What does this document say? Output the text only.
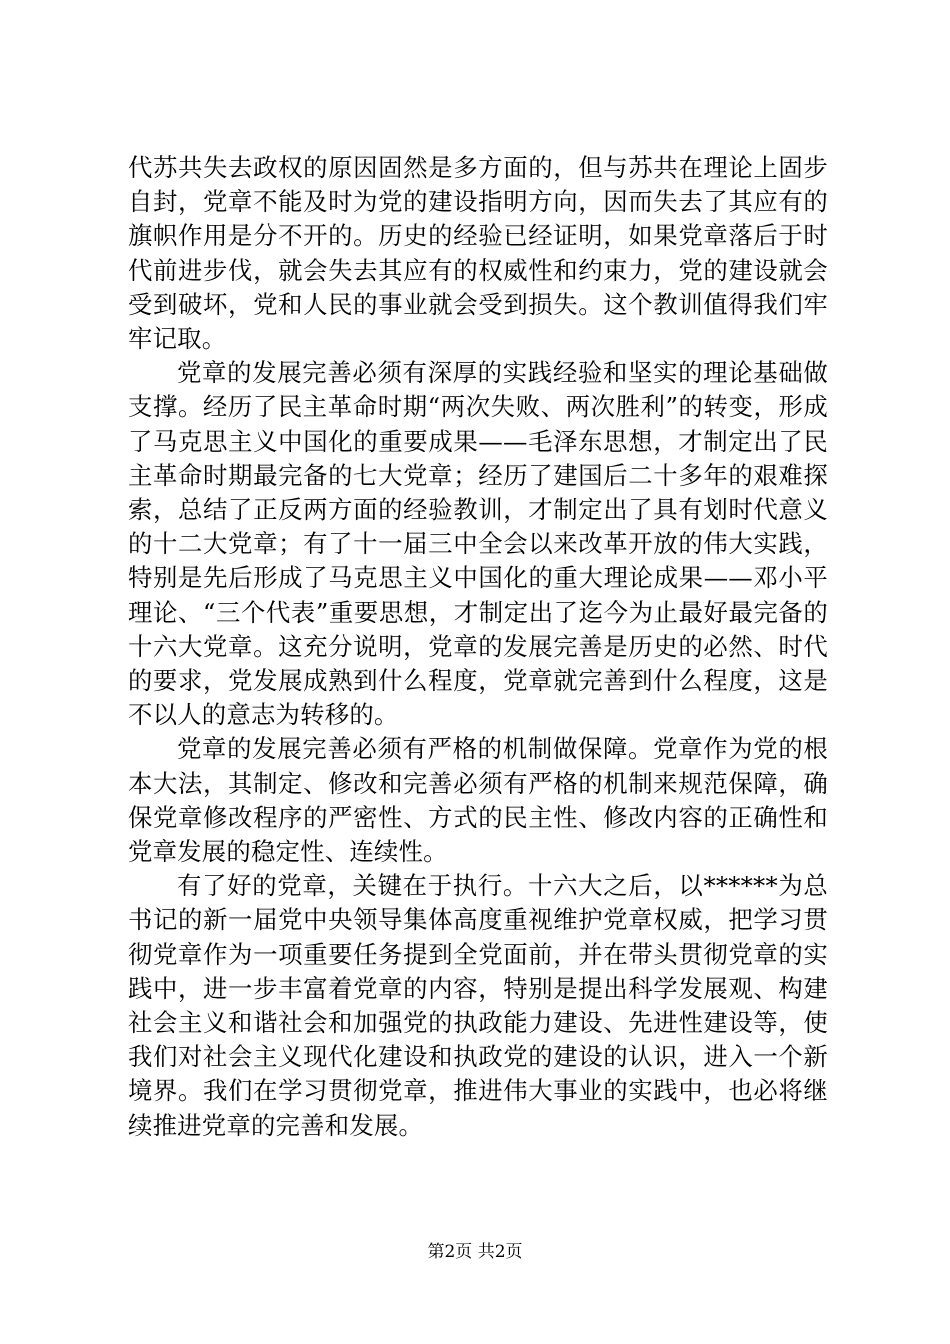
代苏共失去政权的原因固然是多方面的，但与苏共在理论上固步自封，党章不能及时为党的建设指明方向，因而失去了其应有的旗帜作用是分不开的。历史的经验已经证明，如果党章落后于时代前进步伐，就会失去其应有的权威性和约束力，党的建设就会受到破坏，党和人民的事业就会受到损失。这个教训值得我们牢牢记取。

党章的发展完善必须有深厚的实践经验和坚实的理论基础做支撑。经历了民主革命时期“两次失败、两次胜利”的转变，形成了马克思主义中国化的重要成果——毛泽东思想，才制定出了民主革命时期最完备的七大党章；经历了建国后二十多年的艰难探索，总结了正反两方面的经验教训，才制定出了具有划时代意义的十二大党章；有了十一届三中全会以来改革开放的伟大实践，特别是先后形成了马克思主义中国化的重大理论成果——邓小平理论、“三个代表”重要思想，才制定出了迄今为止最好最完备的十六大党章。这充分说明，党章的发展完善是历史的必然、时代的要求，党发展成熟到什么程度，党章就完善到什么程度，这是不以人的意志为转移的。

党章的发展完善必须有严格的机制做保障。党章作为党的根本大法，其制定、修改和完善必须有严格的机制来规范保障，确保党章修改程序的严密性、方式的民主性、修改内容的正确性和党章发展的稳定性、连续性。

有了好的党章，关键在于执行。十六大之后，以******为总书记的新一届党中央领导集体高度重视维护党章权威，把学习贯彻党章作为一项重要任务提到全党面前，并在带头贯彻党章的实践中，进一步丰富着党章的内容，特别是提出科学发展观、构建社会主义和谐社会和加强党的执政能力建设、先进性建设等，使我们对社会主义现代化建设和执政党的建设的认识，进入一个新境界。我们在学习贯彻党章，推进伟大事业的实践中，也必将继续推进党章的完善和发展。

第2页 共2页
